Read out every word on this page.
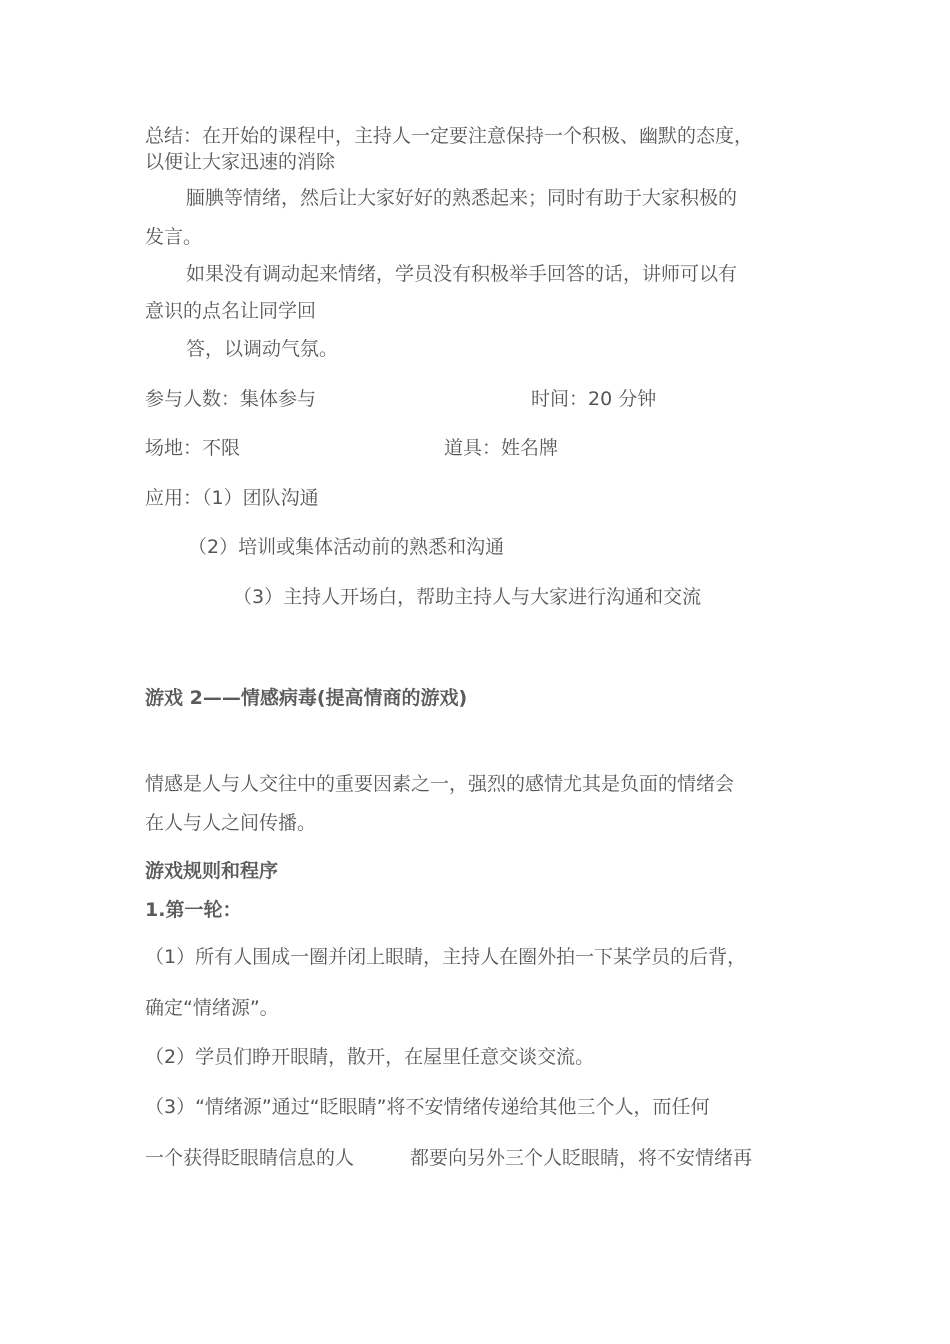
总结：在开始的课程中，主持人一定要注意保持一个积极、幽默的态度，
以便让大家迅速的消除
腼腆等情绪，然后让大家好好的熟悉起来；同时有助于大家积极的
发言。
如果没有调动起来情绪，学员没有积极举手回答的话，讲师可以有
意识的点名让同学回
答，以调动气氛。
参与人数：集体参与	时间：20 分钟
场地：不限	道具：姓名牌
应用：（1）团队沟通
（2）培训或集体活动前的熟悉和沟通
（3）主持人开场白，帮助主持人与大家进行沟通和交流
游戏 2——情感病毒(提高情商的游戏)
情感是人与人交往中的重要因素之一，强烈的感情尤其是负面的情绪会
在人与人之间传播。
游戏规则和程序
1.第一轮：
（1）所有人围成一圈并闭上眼睛，主持人在圈外拍一下某学员的后背，
确定“情绪源”。
（2）学员们睁开眼睛，散开，在屋里任意交谈交流。
（3）“情绪源”通过“眨眼睛”将不安情绪传递给其他三个人，而任何
一个获得眨眼睛信息的人	都要向另外三个人眨眼睛，将不安情绪再
